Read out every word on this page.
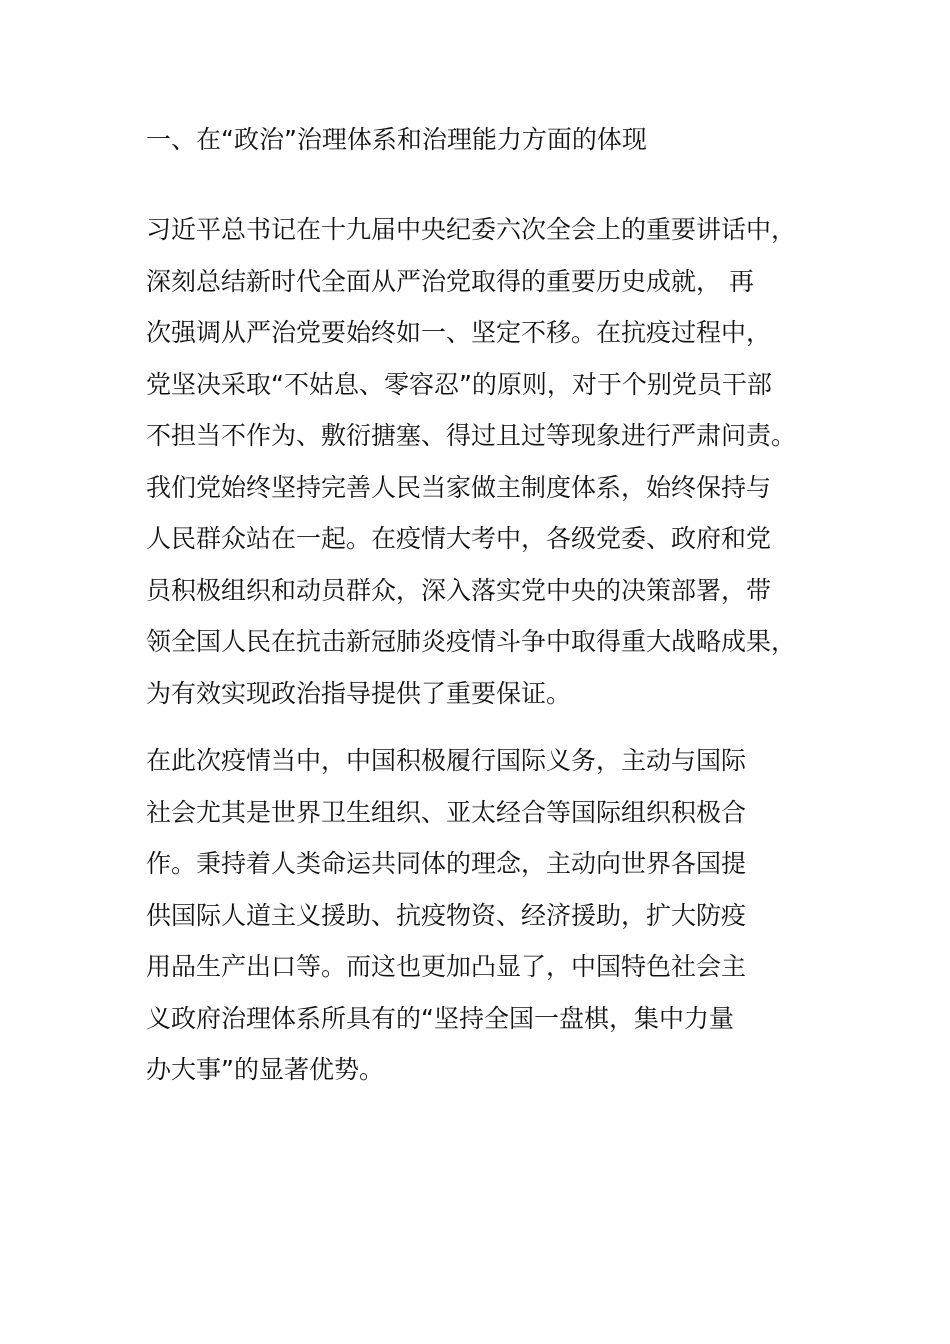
一、在“政治”治理体系和治理能力方面的体现
习近平总书记在十九届中央纪委六次全会上的重要讲话中，
深刻总结新时代全面从严治党取得的重要历史成就， 再
次强调从严治党要始终如一、坚定不移。在抗疫过程中，
党坚决采取“不姑息、零容忍”的原则，对于个别党员干部
不担当不作为、敷衍搪塞、得过且过等现象进行严肃问责。
我们党始终坚持完善人民当家做主制度体系，始终保持与
人民群众站在一起。在疫情大考中，各级党委、政府和党
员积极组织和动员群众，深入落实党中央的决策部署，带
领全国人民在抗击新冠肺炎疫情斗争中取得重大战略成果，
为有效实现政治指导提供了重要保证。
在此次疫情当中，中国积极履行国际义务，主动与国际
社会尤其是世界卫生组织、亚太经合等国际组织积极合
作。秉持着人类命运共同体的理念，主动向世界各国提
供国际人道主义援助、抗疫物资、经济援助，扩大防疫
用品生产出口等。而这也更加凸显了，中国特色社会主
义政府治理体系所具有的“坚持全国一盘棋，集中力量
办大事”的显著优势。
